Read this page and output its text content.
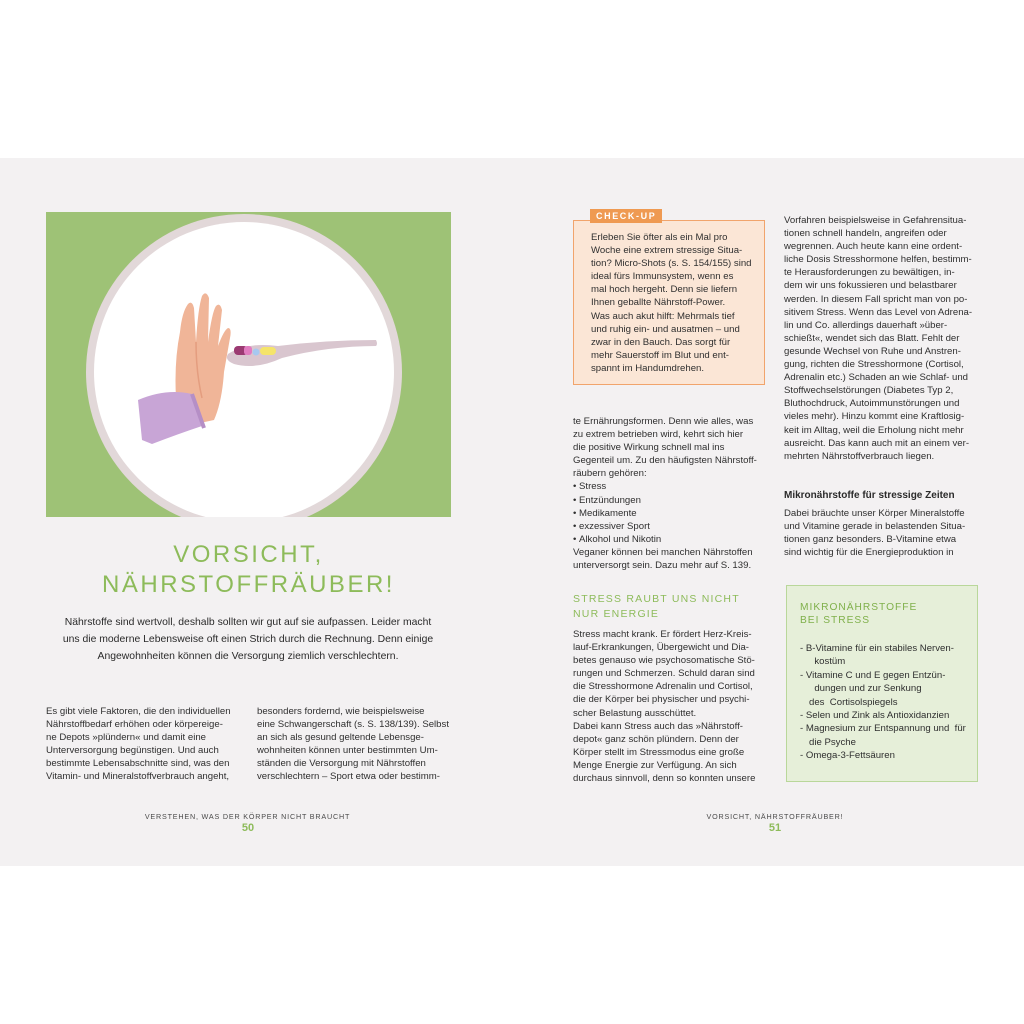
VORSICHT,
NÄHRSTOFFRÄUBER!
Nährstoffe sind wertvoll, deshalb sollten wir gut auf sie aufpassen. Leider macht
uns die moderne Lebensweise oft einen Strich durch die Rechnung. Denn einige
Angewohnheiten können die Versorgung ziemlich verschlechtern.
Es gibt viele Faktoren, die den individuellen
Nährstoffbedarf erhöhen oder körpereige-
ne Depots »plündern« und damit eine
Unterversorgung begünstigen. Und auch
bestimmte Lebensabschnitte sind, was den
Vitamin- und Mineralstoffverbrauch angeht,
besonders fordernd, wie beispielsweise
eine Schwangerschaft (s. S. 138/139). Selbst
an sich als gesund geltende Lebensge-
wohnheiten können unter bestimmten Um-
ständen die Versorgung mit Nährstoffen
verschlechtern – Sport etwa oder bestimm-
VERSTEHEN, WAS DER KÖRPER NICHT BRAUCHT
50
CHECK-UP
Erleben Sie öfter als ein Mal pro
Woche eine extrem stressige Situa-
tion? Micro-Shots (s. S. 154/155) sind
ideal fürs Immunsystem, wenn es
mal hoch hergeht. Denn sie liefern
Ihnen geballte Nährstoff-Power.
Was auch akut hilft: Mehrmals tief
und ruhig ein- und ausatmen – und
zwar in den Bauch. Das sorgt für
mehr Sauerstoff im Blut und ent-
spannt im Handumdrehen.
te Ernährungsformen. Denn wie alles, was
zu extrem betrieben wird, kehrt sich hier
die positive Wirkung schnell mal ins
Gegenteil um. Zu den häufigsten Nährstoff-
räubern gehören:
• Stress
• Entzündungen
• Medikamente
• exzessiver Sport
• Alkohol und Nikotin
Veganer können bei manchen Nährstoffen
unterversorgt sein. Dazu mehr auf S. 139.
STRESS RAUBT UNS NICHT
NUR ENERGIE
Stress macht krank. Er fördert Herz-Kreis-
lauf-Erkrankungen, Übergewicht und Dia-
betes genauso wie psychosomatische Stö-
rungen und Schmerzen. Schuld daran sind
die Stresshormone Adrenalin und Cortisol,
die der Körper bei physischer und psychi-
scher Belastung ausschüttet.
Dabei kann Stress auch das »Nährstoff-
depot« ganz schön plündern. Denn der
Körper stellt im Stressmodus eine große
Menge Energie zur Verfügung. An sich
durchaus sinnvoll, denn so konnten unsere
Vorfahren beispielsweise in Gefahrensitua-
tionen schnell handeln, angreifen oder
wegrennen. Auch heute kann eine ordent-
liche Dosis Stresshormone helfen, bestimm-
te Herausforderungen zu bewältigen, in-
dem wir uns fokussieren und belastbarer
werden. In diesem Fall spricht man von po-
sitivem Stress. Wenn das Level von Adrena-
lin und Co. allerdings dauerhaft »über-
schießt«, wendet sich das Blatt. Fehlt der
gesunde Wechsel von Ruhe und Anstren-
gung, richten die Stresshormone (Cortisol,
Adrenalin etc.) Schaden an wie Schlaf- und
Stoffwechselstörungen (Diabetes Typ 2,
Bluthochdruck, Autoimmunstörungen und
vieles mehr). Hinzu kommt eine Kraftlosig-
keit im Alltag, weil die Erholung nicht mehr
ausreicht. Das kann auch mit an einem ver-
mehrten Nährstoffverbrauch liegen.
Mikronährstoffe für stressige Zeiten
Dabei bräuchte unser Körper Mineralstoffe
und Vitamine gerade in belastenden Situa-
tionen ganz besonders. B-Vitamine etwa
sind wichtig für die Energieproduktion in
MIKRONÄHRSTOFFE
BEI STRESS
- B-Vitamine für ein stabiles Nerven-  kostüm
- Vitamine C und E gegen Entzün-  dungen und zur Senkung des  Cortisolspiegels
- Selen und Zink als Antioxidanzien
- Magnesium zur Entspannung und  für die Psyche
- Omega-3-Fettsäuren
VORSICHT, NÄHRSTOFFRÄUBER!
51
